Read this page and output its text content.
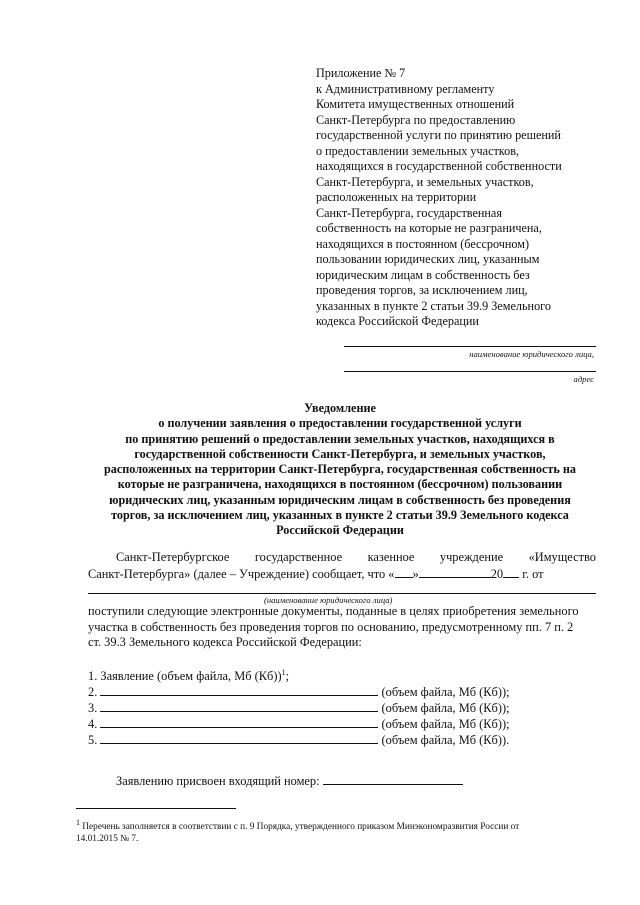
Приложение № 7
к Административному регламенту
Комитета имущественных отношений
Санкт-Петербурга по предоставлению
государственной услуги по принятию решений
о предоставлении земельных участков,
находящихся в государственной собственности
Санкт-Петербурга, и земельных участков,
расположенных на территории
Санкт-Петербурга, государственная
собственность на которые не разграничена,
находящихся в постоянном (бессрочном)
пользовании юридических лиц, указанным
юридическим лицам в собственность без
проведения торгов, за исключением лиц,
указанных в пункте 2 статьи 39.9 Земельного
кодекса Российской Федерации
наименование юридического лица,
адрес
Уведомление
о получении заявления о предоставлении государственной услуги
по принятию решений о предоставлении земельных участков, находящихся в
государственной собственности Санкт-Петербурга, и земельных участков,
расположенных на территории Санкт-Петербурга, государственная собственность на
которые не разграничена, находящихся в постоянном (бессрочном) пользовании
юридических лиц, указанным юридическим лицам в собственность без проведения
торгов, за исключением лиц, указанных в пункте 2 статьи 39.9 Земельного кодекса
Российской Федерации
Санкт-Петербургское государственное казенное учреждение «Имущество
Санкт-Петербурга» (далее – Учреждение) сообщает, что « »	20 г. от
(наименование юридического лица)
поступили следующие электронные документы, поданные в целях приобретения земельного
участка в собственность без проведения торгов по основанию, предусмотренному пп. 7 п. 2
ст. 39.3 Земельного кодекса Российской Федерации:
1. Заявление (объем файла, Мб (Кб))$^1$;
2.	(объем файла, Мб (Кб));
3.	(объем файла, Мб (Кб));
4.	(объем файла, Мб (Кб));
5.	(объем файла, Мб (Кб)).
Заявлению присвоен входящий номер:
$^1$ Перечень заполняется в соответствии с п. 9 Порядка, утвержденного приказом Минэкономразвития России от
14.01.2015 № 7.
